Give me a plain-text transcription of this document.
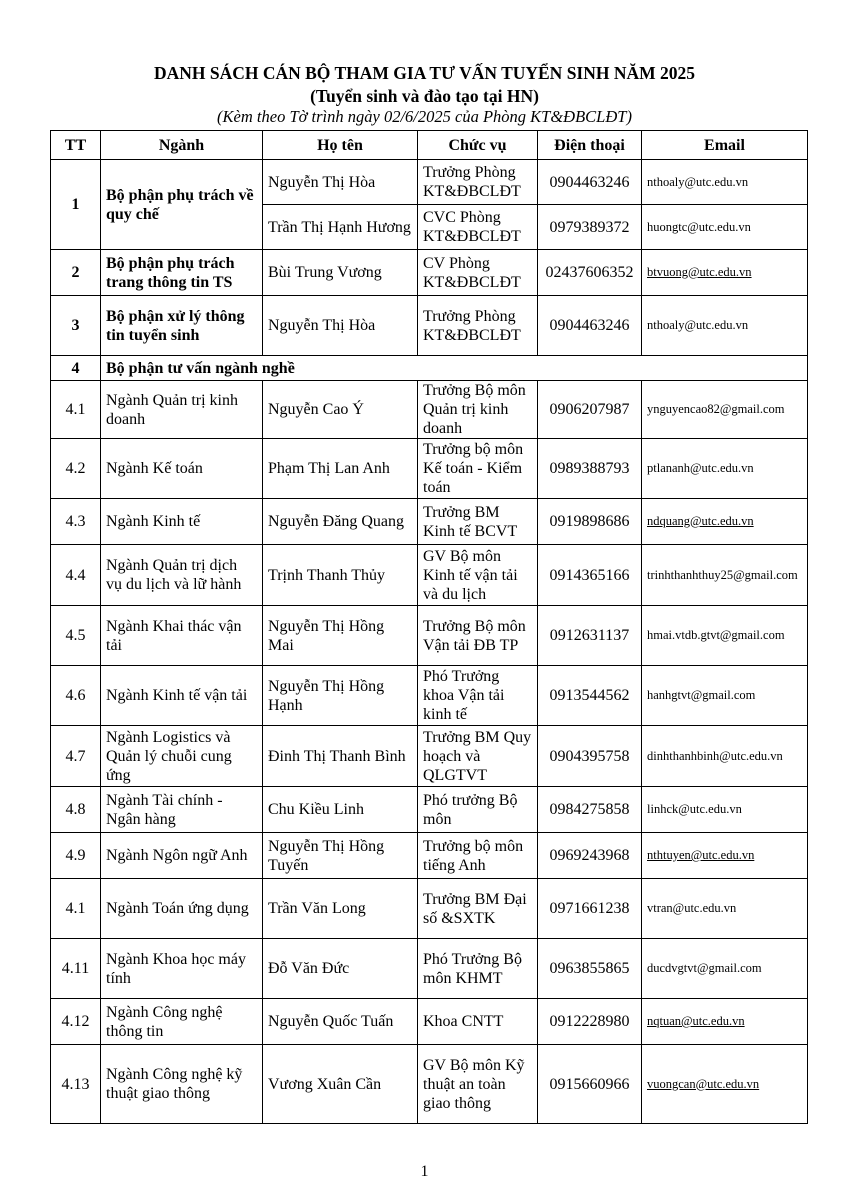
DANH SÁCH CÁN BỘ THAM GIA TƯ VẤN TUYỂN SINH NĂM 2025
(Tuyển sinh và đào tạo tại HN)
(Kèm theo Tờ trình ngày 02/6/2025 của Phòng KT&ĐBCLĐT)
TT	Ngành	Họ tên	Chức vụ	Điện thoại	Email
1	Bộ phận phụ trách về quy chế	Nguyễn Thị Hòa	Trưởng Phòng KT&ĐBCLĐT	0904463246	nthoaly@utc.edu.vn
		Trần Thị Hạnh Hương	CVC Phòng KT&ĐBCLĐT	0979389372	huongtc@utc.edu.vn
2	Bộ phận phụ trách trang thông tin TS	Bùi Trung Vương	CV Phòng KT&ĐBCLĐT	02437606352	btvuong@utc.edu.vn
3	Bộ phận xử lý thông tin tuyển sinh	Nguyễn Thị Hòa	Trưởng Phòng KT&ĐBCLĐT	0904463246	nthoaly@utc.edu.vn
4	Bộ phận tư vấn ngành nghề				
4.1	Ngành Quản trị kinh doanh	Nguyễn Cao Ý	Trưởng Bộ môn Quản trị kinh doanh	0906207987	ynguyencao82@gmail.com
4.2	Ngành Kế toán	Phạm Thị Lan Anh	Trưởng bộ môn Kế toán - Kiểm toán	0989388793	ptlananh@utc.edu.vn
4.3	Ngành Kinh tế	Nguyễn Đăng Quang	Trưởng BM Kinh tế BCVT	0919898686	ndquang@utc.edu.vn
4.4	Ngành Quản trị dịch vụ du lịch và lữ hành	Trịnh Thanh Thủy	GV Bộ môn Kinh tế vận tải và du lịch	0914365166	trinhthanhthuy25@gmail.com
4.5	Ngành Khai thác vận tải	Nguyễn Thị Hồng Mai	Trưởng Bộ môn Vận tải ĐB TP	0912631137	hmai.vtdb.gtvt@gmail.com
4.6	Ngành Kinh tế vận tải	Nguyễn Thị Hồng Hạnh	Phó Trưởng khoa Vận tải kinh tế	0913544562	hanhgtvt@gmail.com
4.7	Ngành Logistics và Quản lý chuỗi cung ứng	Đinh Thị Thanh Bình	Trưởng BM Quy hoạch và QLGTVT	0904395758	dinhthanhbinh@utc.edu.vn
4.8	Ngành Tài chính - Ngân hàng	Chu Kiều Linh	Phó trưởng Bộ môn	0984275858	linhck@utc.edu.vn
4.9	Ngành Ngôn ngữ Anh	Nguyễn Thị Hồng Tuyến	Trưởng bộ môn tiếng Anh	0969243968	nthtuyen@utc.edu.vn
4.1	Ngành Toán ứng dụng	Trần Văn Long	Trưởng BM Đại số &SXTK	0971661238	vtran@utc.edu.vn
4.11	Ngành Khoa học máy tính	Đỗ Văn Đức	Phó Trưởng Bộ môn KHMT	0963855865	ducdvgtvt@gmail.com
4.12	Ngành Công nghệ thông tin	Nguyễn Quốc Tuấn	Khoa CNTT	0912228980	nqtuan@utc.edu.vn
4.13	Ngành Công nghệ kỹ thuật giao thông	Vương Xuân Cần	GV Bộ môn Kỹ thuật an toàn giao thông	0915660966	vuongcan@utc.edu.vn
1
